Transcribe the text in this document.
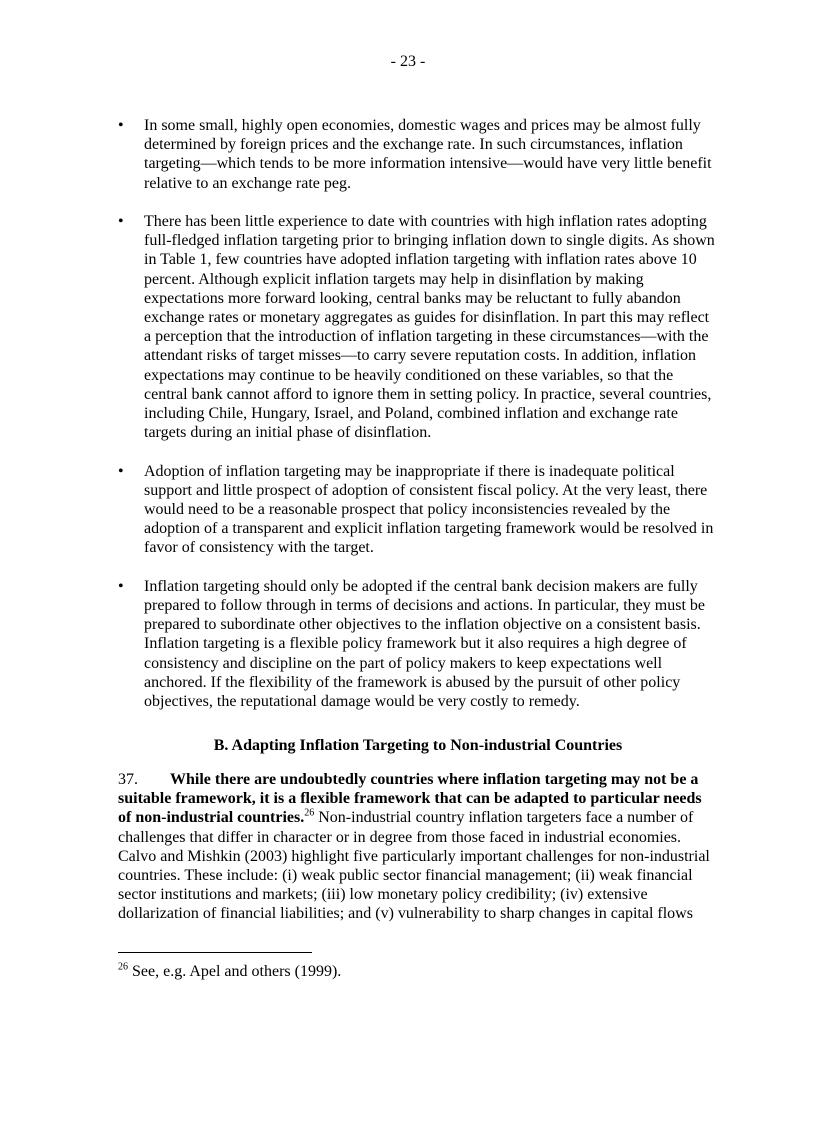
- 23 -
• In some small, highly open economies, domestic wages and prices may be almost fully determined by foreign prices and the exchange rate. In such circumstances, inflation targeting—which tends to be more information intensive—would have very little benefit relative to an exchange rate peg.
• There has been little experience to date with countries with high inflation rates adopting full-fledged inflation targeting prior to bringing inflation down to single digits. As shown in Table 1, few countries have adopted inflation targeting with inflation rates above 10 percent. Although explicit inflation targets may help in disinflation by making expectations more forward looking, central banks may be reluctant to fully abandon exchange rates or monetary aggregates as guides for disinflation. In part this may reflect a perception that the introduction of inflation targeting in these circumstances—with the attendant risks of target misses—to carry severe reputation costs. In addition, inflation expectations may continue to be heavily conditioned on these variables, so that the central bank cannot afford to ignore them in setting policy. In practice, several countries, including Chile, Hungary, Israel, and Poland, combined inflation and exchange rate targets during an initial phase of disinflation.
• Adoption of inflation targeting may be inappropriate if there is inadequate political support and little prospect of adoption of consistent fiscal policy. At the very least, there would need to be a reasonable prospect that policy inconsistencies revealed by the adoption of a transparent and explicit inflation targeting framework would be resolved in favor of consistency with the target.
• Inflation targeting should only be adopted if the central bank decision makers are fully prepared to follow through in terms of decisions and actions. In particular, they must be prepared to subordinate other objectives to the inflation objective on a consistent basis. Inflation targeting is a flexible policy framework but it also requires a high degree of consistency and discipline on the part of policy makers to keep expectations well anchored. If the flexibility of the framework is abused by the pursuit of other policy objectives, the reputational damage would be very costly to remedy.
B. Adapting Inflation Targeting to Non-industrial Countries
37. While there are undoubtedly countries where inflation targeting may not be a suitable framework, it is a flexible framework that can be adapted to particular needs of non-industrial countries.$^{26}$ Non-industrial country inflation targeters face a number of challenges that differ in character or in degree from those faced in industrial economies. Calvo and Mishkin (2003) highlight five particularly important challenges for non-industrial countries. These include: (i) weak public sector financial management; (ii) weak financial sector institutions and markets; (iii) low monetary policy credibility; (iv) extensive dollarization of financial liabilities; and (v) vulnerability to sharp changes in capital flows
$^{26}$ See, e.g. Apel and others (1999).
